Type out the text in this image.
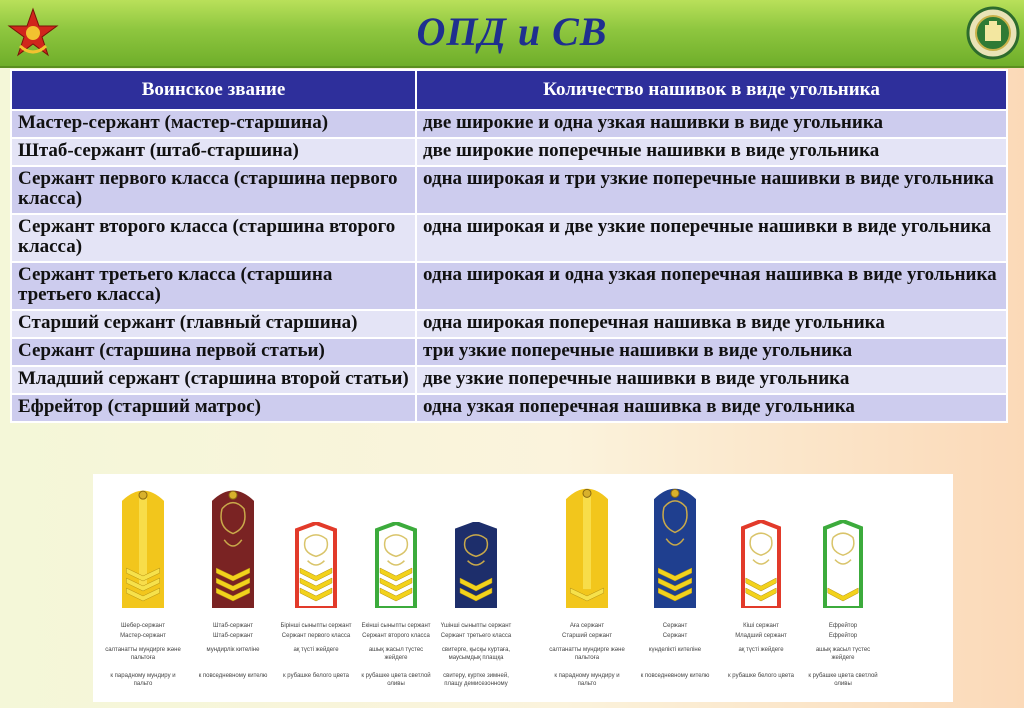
ОПД и СВ
Воинское звание	Количество нашивок в виде угольника
Мастер-сержант (мастер-старшина)	две широкие и одна узкая нашивки в виде угольника
Штаб-сержант (штаб-старшина)	две широкие поперечные нашивки в виде угольника
Сержант первого класса (старшина первого класса)	одна широкая и три узкие поперечные нашивки в виде угольника
Сержант второго класса (старшина второго класса)	одна широкая и две узкие поперечные нашивки в виде угольника
Сержант третьего класса (старшина третьего класса)	одна широкая и одна узкая поперечная нашивка в виде угольника
Старший сержант (главный старшина)	одна широкая поперечная нашивка в виде угольника
Сержант (старшина первой статьи)	три узкие поперечные нашивки в виде угольника
Младший сержант (старшина второй статьи)	две узкие поперечные нашивки в виде угольника
Ефрейтор (старший матрос)	одна узкая поперечная нашивка в виде угольника
Шебер-сержант
Мастер-сержант
салтанатты мундирге және пальтоға
к парадному мундиру и пальто
Штаб-сержант
Штаб-сержант
мундирлік кителіне
к повседневному кителю
Бірінші сыныпты сержант
Сержант первого класса
ақ түсті жейдеге
к рубашке белого цвета
Екінші сыныпты сержант
Сержант второго класса
ашық жасыл түстес жейдеге
к рубашке цвета светлой оливы
Үшінші сыныпты сержант
Сержант третьего класса
свитерге, қысқы куртаға, маусымдық плащқа
свитеру, куртке зимней, плащу демисезонному
Аға сержант
Старший сержант
салтанатты мундирге және пальтоға
к парадному мундиру и пальто
Сержант
Сержант
күнделікті кителіне
к повседневному кителю
Кіші сержант
Младший сержант
ақ түсті жейдеге
к рубашке белого цвета
Ефрейтор
Ефрейтор
ашық жасыл түстес жейдеге
к рубашке цвета светлой оливы
